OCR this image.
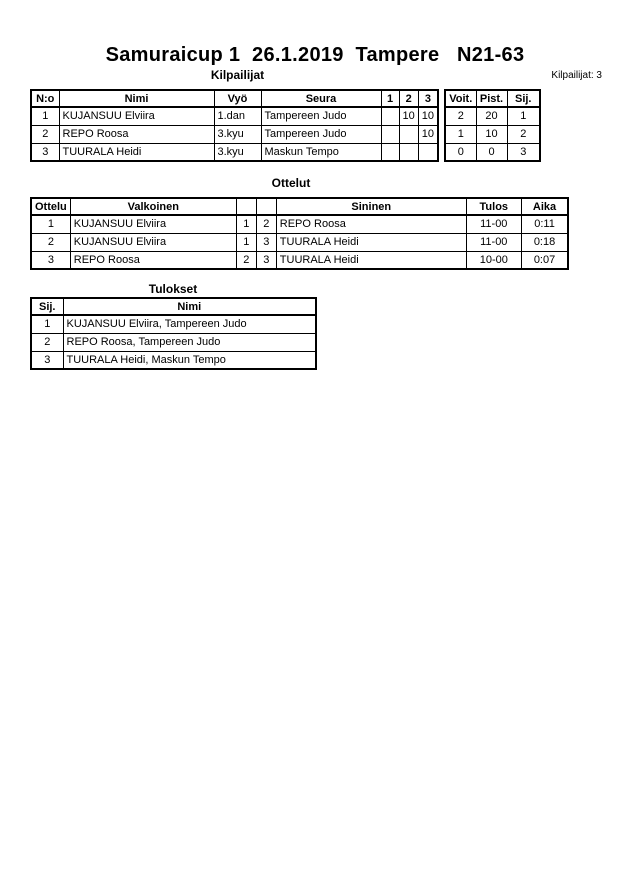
Samuraicup 1  26.1.2019  Tampere   N21-63
Kilpailijat	Kilpailijat: 3
N:o	Nimi	Vyö	Seura	1	2	3
1	KUJANSUU Elviira	1.dan	Tampereen Judo		10	10
2	REPO Roosa	3.kyu	Tampereen Judo			10
3	TUURALA Heidi	3.kyu	Maskun Tempo			
Voit.	Pist.	Sij.
2	20	1
1	10	2
0	0	3
Ottelut
Ottelu	Valkoinen			Sininen	Tulos	Aika
1	KUJANSUU Elviira	1	2	REPO Roosa	11-00	0:11
2	KUJANSUU Elviira	1	3	TUURALA Heidi	11-00	0:18
3	REPO Roosa	2	3	TUURALA Heidi	10-00	0:07
Tulokset
Sij.	Nimi
1	KUJANSUU Elviira, Tampereen Judo
2	REPO Roosa, Tampereen Judo
3	TUURALA Heidi, Maskun Tempo
